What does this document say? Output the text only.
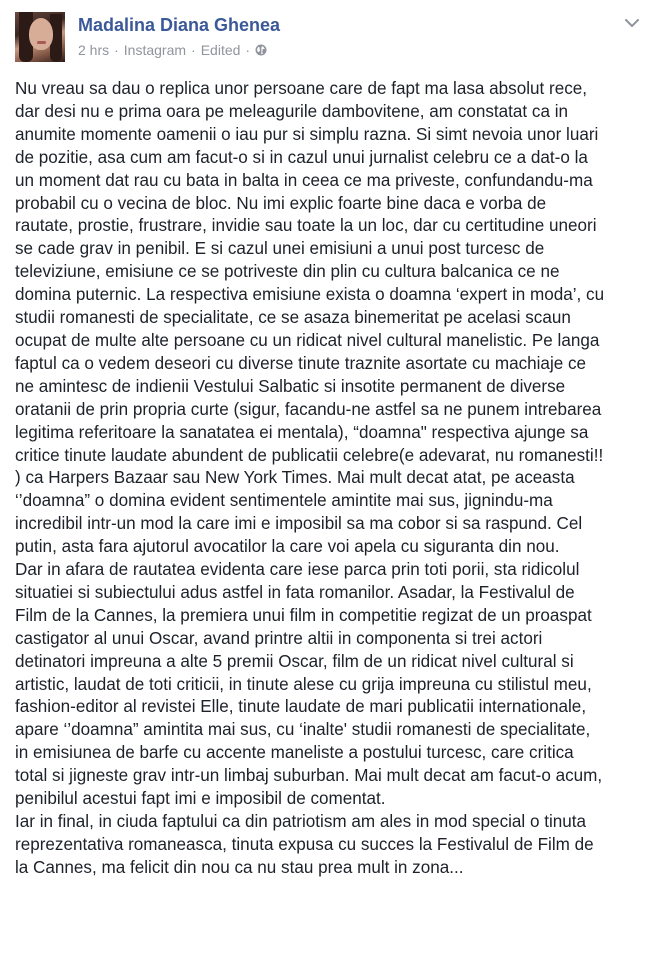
Madalina Diana Ghenea
2 hrs · Instagram · Edited ·
Nu vreau sa dau o replica unor persoane care de fapt ma lasa absolut rece,
dar desi nu e prima oara pe meleagurile dambovitene, am constatat ca in
anumite momente oamenii o iau pur si simplu razna. Si simt nevoia unor luari
de pozitie, asa cum am facut-o si in cazul unui jurnalist celebru ce a dat-o la
un moment dat rau cu bata in balta in ceea ce ma priveste, confundandu-ma
probabil cu o vecina de bloc. Nu imi explic foarte bine daca e vorba de
rautate, prostie, frustrare, invidie sau toate la un loc, dar cu certitudine uneori
se cade grav in penibil. E si cazul unei emisiuni a unui post turcesc de
televiziune, emisiune ce se potriveste din plin cu cultura balcanica ce ne
domina puternic. La respectiva emisiune exista o doamna ‘expert in moda’, cu
studii romanesti de specialitate, ce se asaza binemeritat pe acelasi scaun
ocupat de multe alte persoane cu un ridicat nivel cultural manelistic. Pe langa
faptul ca o vedem deseori cu diverse tinute traznite asortate cu machiaje ce
ne amintesc de indienii Vestului Salbatic si insotite permanent de diverse
oratanii de prin propria curte (sigur, facandu-ne astfel sa ne punem intrebarea
legitima referitoare la sanatatea ei mentala), “doamna" respectiva ajunge sa
critice tinute laudate abundent de publicatii celebre(e adevarat, nu romanesti!!
) ca Harpers Bazaar sau New York Times. Mai mult decat atat, pe aceasta
‘’doamna” o domina evident sentimentele amintite mai sus, jignindu-ma
incredibil intr-un mod la care imi e imposibil sa ma cobor si sa raspund. Cel
putin, asta fara ajutorul avocatilor la care voi apela cu siguranta din nou.
Dar in afara de rautatea evidenta care iese parca prin toti porii, sta ridicolul
situatiei si subiectului adus astfel in fata romanilor. Asadar, la Festivalul de
Film de la Cannes, la premiera unui film in competitie regizat de un proaspat
castigator al unui Oscar, avand printre altii in componenta si trei actori
detinatori impreuna a alte 5 premii Oscar, film de un ridicat nivel cultural si
artistic, laudat de toti criticii, in tinute alese cu grija impreuna cu stilistul meu,
fashion-editor al revistei Elle, tinute laudate de mari publicatii internationale,
apare ‘’doamna” amintita mai sus, cu ‘inalte' studii romanesti de specialitate,
in emisiunea de barfe cu accente maneliste a postului turcesc, care critica
total si jigneste grav intr-un limbaj suburban. Mai mult decat am facut-o acum,
penibilul acestui fapt imi e imposibil de comentat.
Iar in final, in ciuda faptului ca din patriotism am ales in mod special o tinuta
reprezentativa romaneasca, tinuta expusa cu succes la Festivalul de Film de
la Cannes, ma felicit din nou ca nu stau prea mult in zona...
